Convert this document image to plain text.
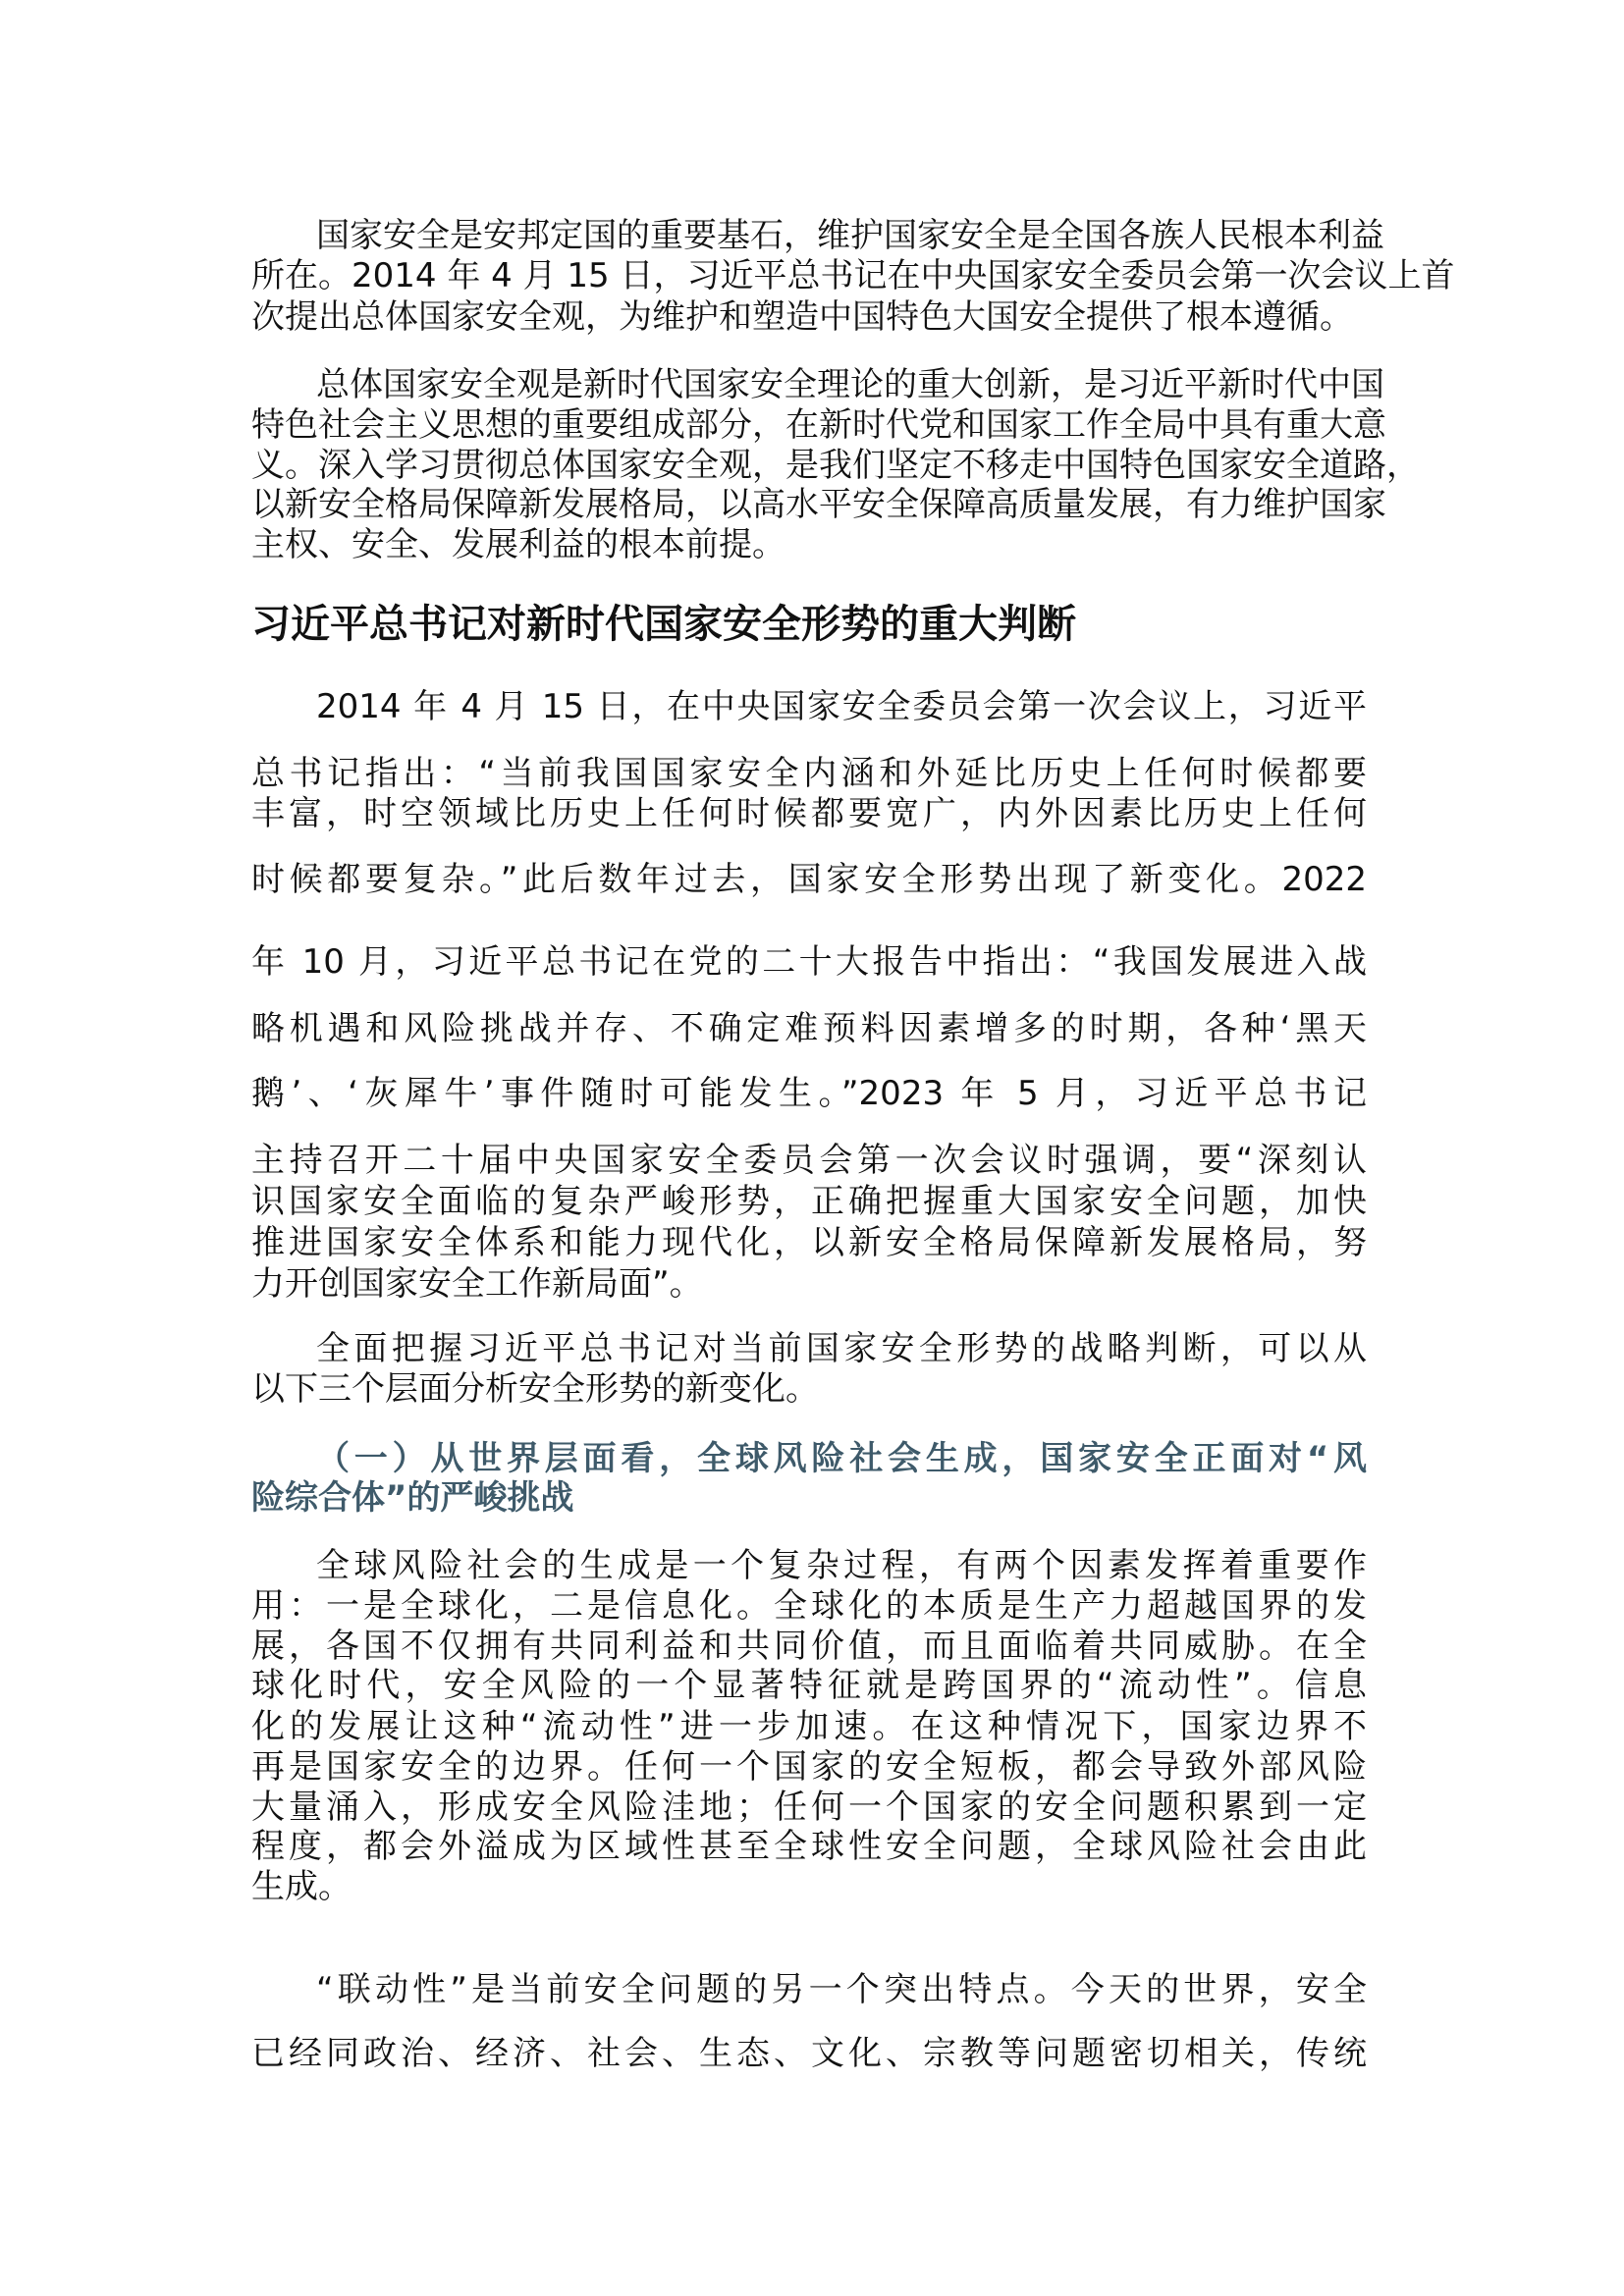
习近平总书记对新时代国家安全形势的重大判断
（一）从世界层面看，全球风险社会生成，国家安全正面对“风
险综合体”的严峻挑战
国家安全是安邦定国的重要基石，维护国家安全是全国各族人民根本利益
所在。2014 年 4 月 15 日，习近平总书记在中央国家安全委员会第一次会议上首
次提出总体国家安全观，为维护和塑造中国特色大国安全提供了根本遵循。
总体国家安全观是新时代国家安全理论的重大创新，是习近平新时代中国
特色社会主义思想的重要组成部分，在新时代党和国家工作全局中具有重大意
义。深入学习贯彻总体国家安全观，是我们坚定不移走中国特色国家安全道路，
以新安全格局保障新发展格局，以高水平安全保障高质量发展，有力维护国家
主权、安全、发展利益的根本前提。
2014 年 4 月 15 日，在中央国家安全委员会第一次会议上，习近平
总书记指出：“当前我国国家安全内涵和外延比历史上任何时候都要
丰富，时空领域比历史上任何时候都要宽广，内外因素比历史上任何
时候都要复杂。”此后数年过去，国家安全形势出现了新变化。2022
年 10 月，习近平总书记在党的二十大报告中指出：“我国发展进入战
略机遇和风险挑战并存、不确定难预料因素增多的时期，各种‘黑天
鹅’、‘灰犀牛’事件随时可能发生。”2023 年 5 月，习近平总书记
主持召开二十届中央国家安全委员会第一次会议时强调，要“深刻认
识国家安全面临的复杂严峻形势，正确把握重大国家安全问题，加快
推进国家安全体系和能力现代化，以新安全格局保障新发展格局，努
力开创国家安全工作新局面”。
全面把握习近平总书记对当前国家安全形势的战略判断，可以从
以下三个层面分析安全形势的新变化。
全球风险社会的生成是一个复杂过程，有两个因素发挥着重要作
用：一是全球化，二是信息化。全球化的本质是生产力超越国界的发
展，各国不仅拥有共同利益和共同价值，而且面临着共同威胁。在全
球化时代，安全风险的一个显著特征就是跨国界的“流动性”。信息
化的发展让这种“流动性”进一步加速。在这种情况下，国家边界不
再是国家安全的边界。任何一个国家的安全短板，都会导致外部风险
大量涌入，形成安全风险洼地；任何一个国家的安全问题积累到一定
程度，都会外溢成为区域性甚至全球性安全问题，全球风险社会由此
生成。
“联动性”是当前安全问题的另一个突出特点。今天的世界，安全
已经同政治、经济、社会、生态、文化、宗教等问题密切相关，传统
